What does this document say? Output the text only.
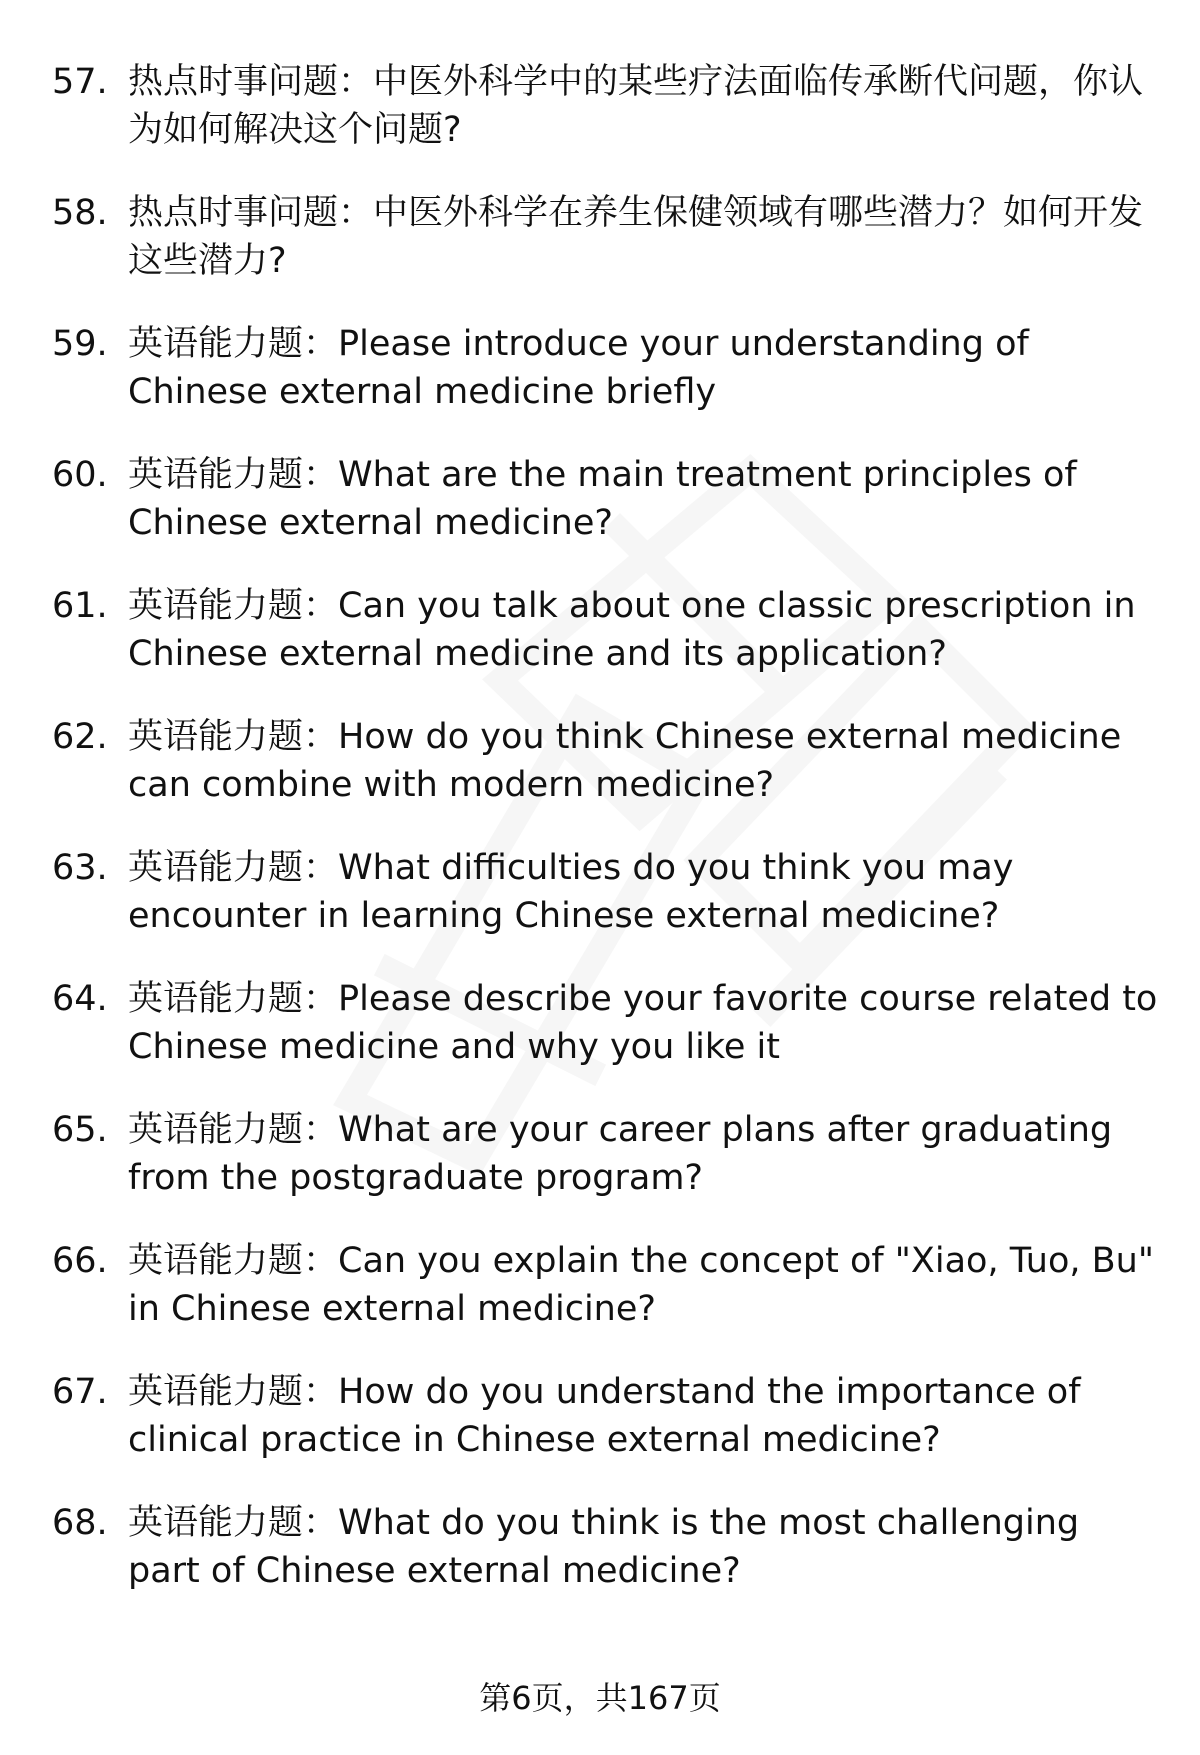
57. 热点时事问题：中医外科学中的某些疗法面临传承断代问题，你认为如何解决这个问题?
58. 热点时事问题：中医外科学在养生保健领域有哪些潜力？如何开发这些潜力?
59. 英语能力题：Please introduce your understanding of Chinese external medicine briefly
60. 英语能力题：What are the main treatment principles of Chinese external medicine?
61. 英语能力题：Can you talk about one classic prescription in Chinese external medicine and its application?
62. 英语能力题：How do you think Chinese external medicine can combine with modern medicine?
63. 英语能力题：What difficulties do you think you may encounter in learning Chinese external medicine?
64. 英语能力题：Please describe your favorite course related to Chinese medicine and why you like it
65. 英语能力题：What are your career plans after graduating from the postgraduate program?
66. 英语能力题：Can you explain the concept of "Xiao, Tuo, Bu" in Chinese external medicine?
67. 英语能力题：How do you understand the importance of clinical practice in Chinese external medicine?
68. 英语能力题：What do you think is the most challenging part of Chinese external medicine?
第6页，共167页
